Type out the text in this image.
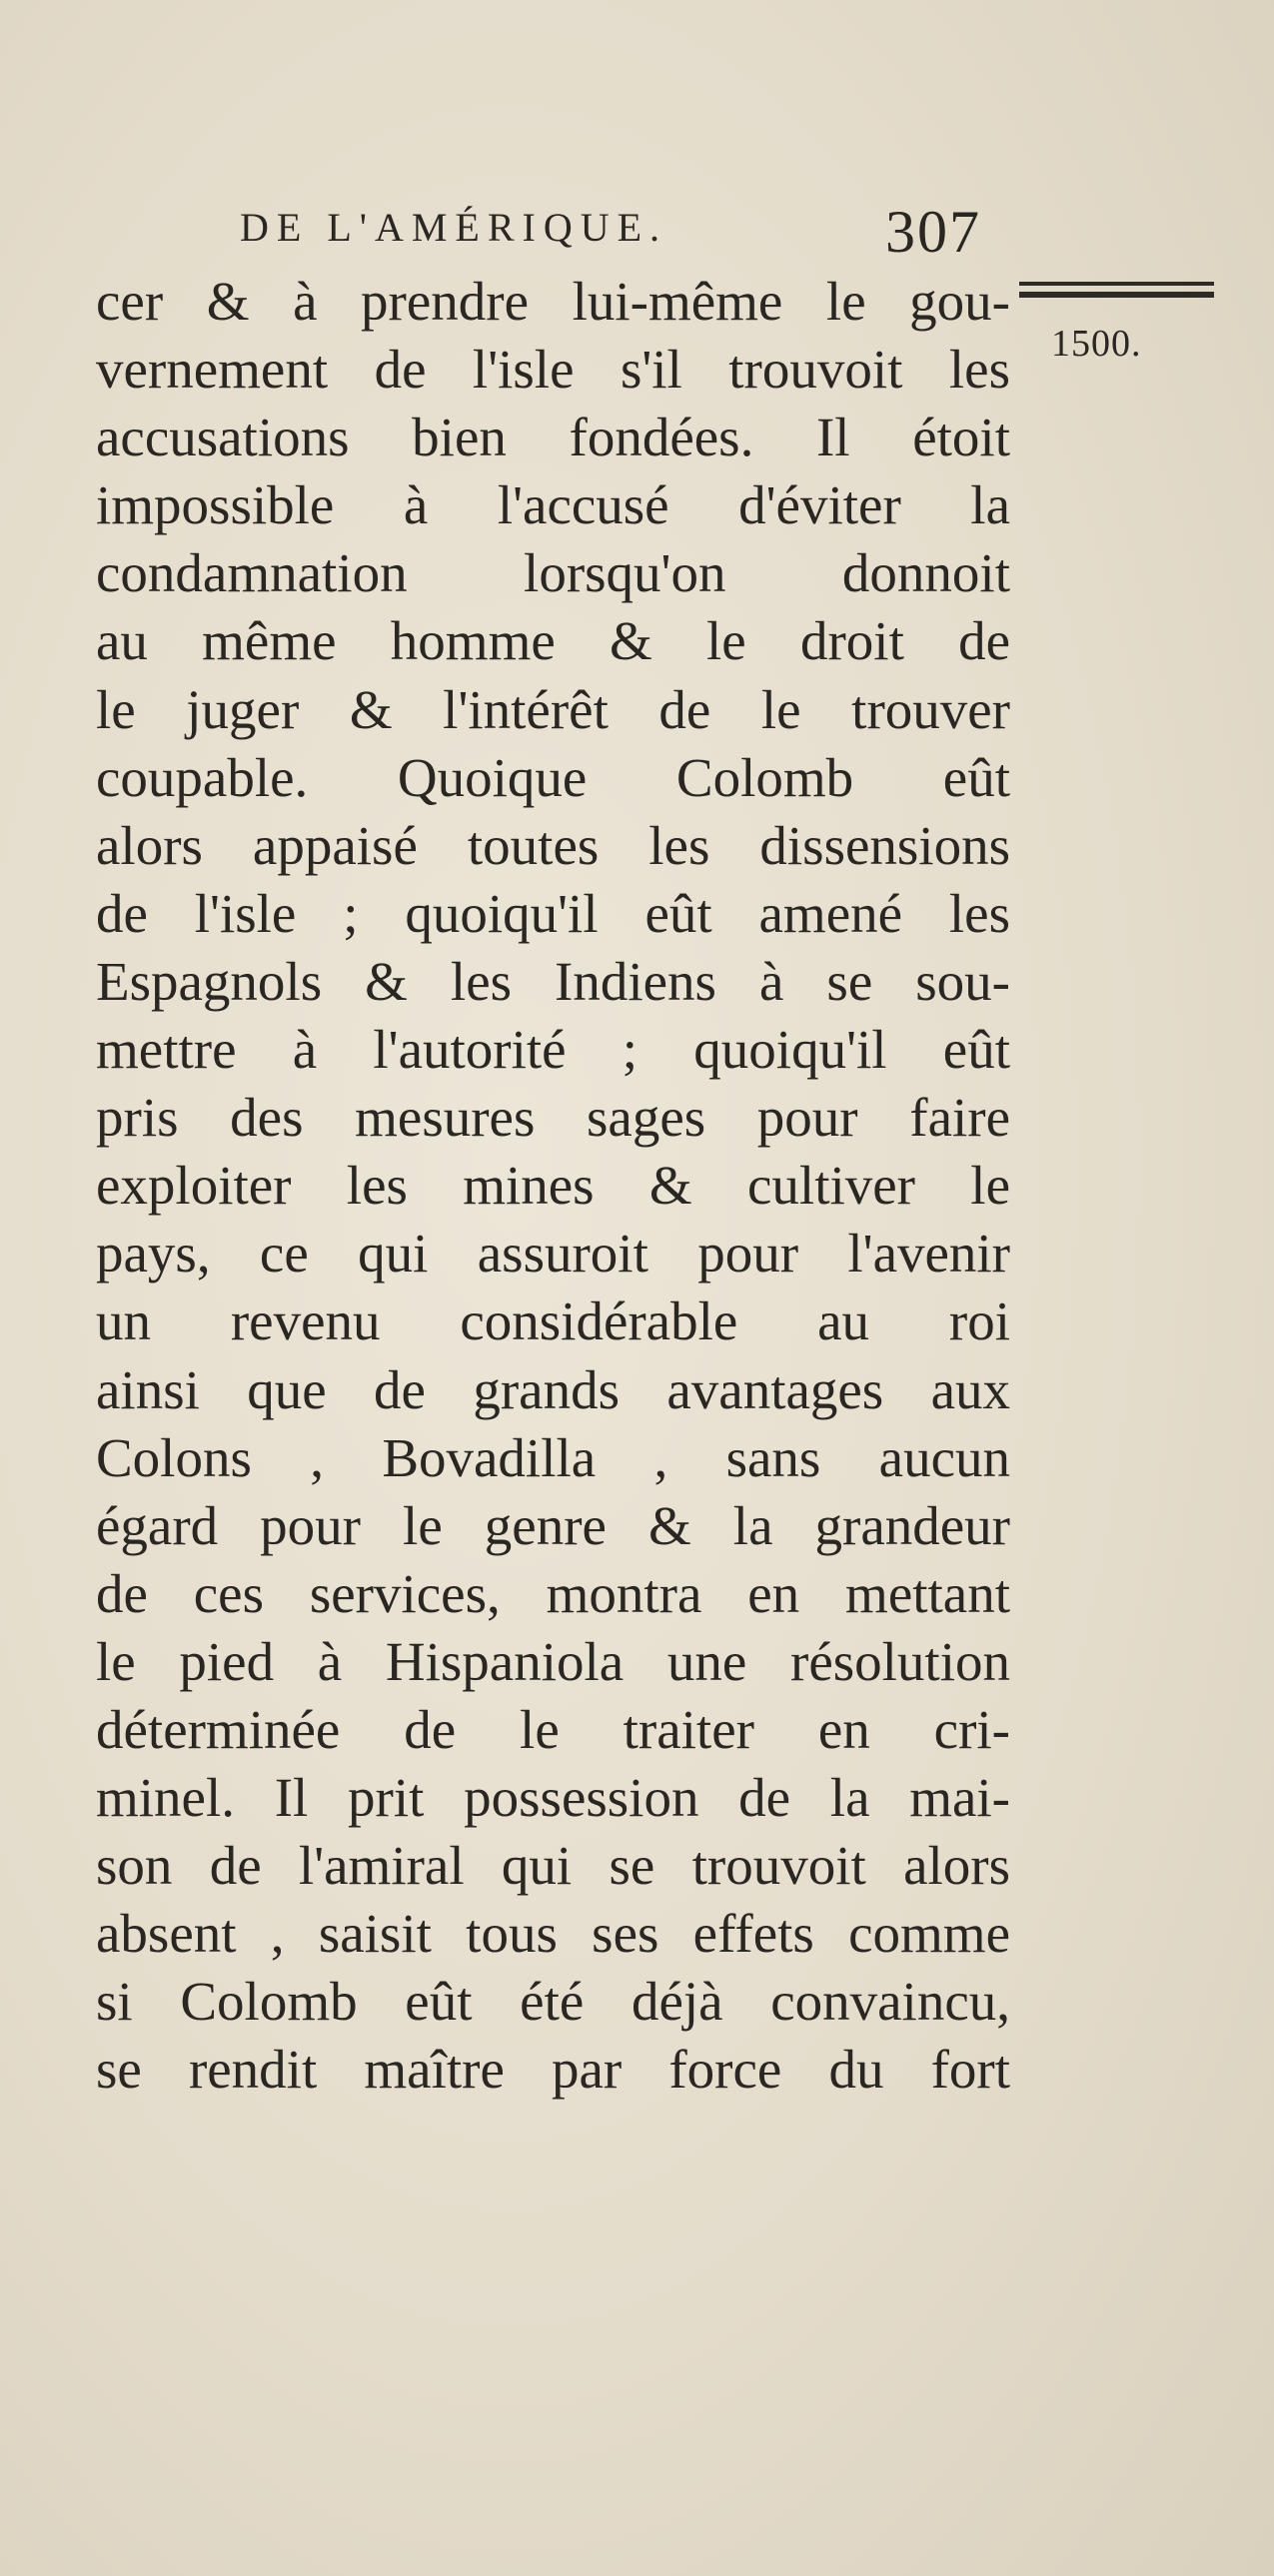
DE L'AMÉRIQUE.	307
1500.
cer & à prendre lui-même le gou-
vernement de l'isle s'il trouvoit les
accusations bien fondées. Il étoit
impossible à l'accusé d'éviter la
condamnation lorsqu'on donnoit
au même homme & le droit de
le juger & l'intérêt de le trouver
coupable. Quoique Colomb eût
alors appaisé toutes les dissensions
de l'isle ; quoiqu'il eût amené les
Espagnols & les Indiens à se sou-
mettre à l'autorité ; quoiqu'il eût
pris des mesures sages pour faire
exploiter les mines & cultiver le
pays, ce qui assuroit pour l'avenir
un revenu considérable au roi
ainsi que de grands avantages aux
Colons , Bovadilla , sans aucun
égard pour le genre & la grandeur
de ces services, montra en mettant
le pied à Hispaniola une résolution
déterminée de le traiter en cri-
minel. Il prit possession de la mai-
son de l'amiral qui se trouvoit alors
absent , saisit tous ses effets comme
si Colomb eût été déjà convaincu,
se rendit maître par force du fort
